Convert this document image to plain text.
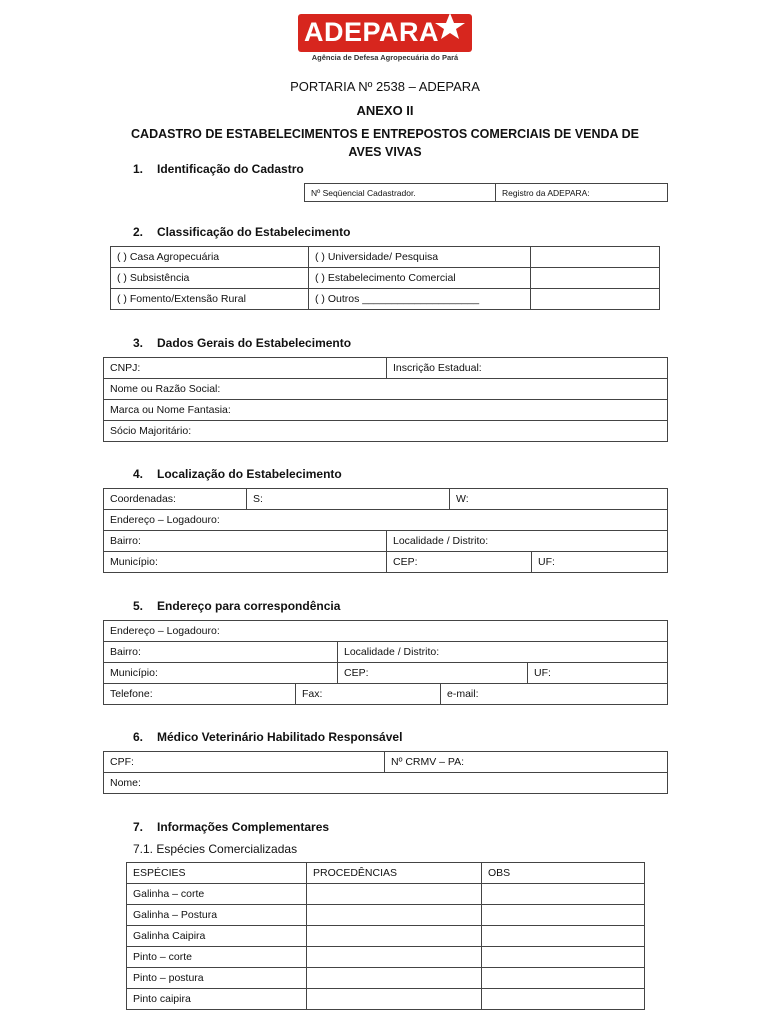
ADEPARA
Agência de Defesa Agropecuária do Pará
PORTARIA Nº 2538 – ADEPARA
ANEXO II
CADASTRO DE ESTABELECIMENTOS E ENTREPOSTOS COMERCIAIS DE VENDA DE
AVES VIVAS
1. Identificação do Cadastro
Nº Seqüencial Cadastrador.	Registro da ADEPARA:
2. Classificação do Estabelecimento
( ) Casa Agropecuária	( ) Universidade/ Pesquisa	
( ) Subsistência	( ) Estabelecimento Comercial	
( ) Fomento/Extensão Rural	( ) Outros ____________________	
3. Dados Gerais do Estabelecimento
CNPJ:	Inscrição Estadual:
Nome ou Razão Social:
Marca ou Nome Fantasia:
Sócio Majoritário:
4. Localização do Estabelecimento
Coordenadas:	S:		W:	
Endereço – Logadouro:				
Bairro:		Localidade / Distrito:		
Município:		CEP:		UF:
5. Endereço para correspondência
Endereço – Logadouro:				
Bairro:		Localidade / Distrito:		
Município:		CEP:		UF:
Telefone:	Fax:		e-mail:	
6. Médico Veterinário Habilitado Responsável
CPF:	Nº CRMV – PA:
Nome:
7. Informações Complementares
7.1. Espécies Comercializadas
ESPÉCIES	PROCEDÊNCIAS	OBS
Galinha – corte		
Galinha – Postura		
Galinha Caipira		
Pinto – corte		
Pinto – postura		
Pinto caipira		
